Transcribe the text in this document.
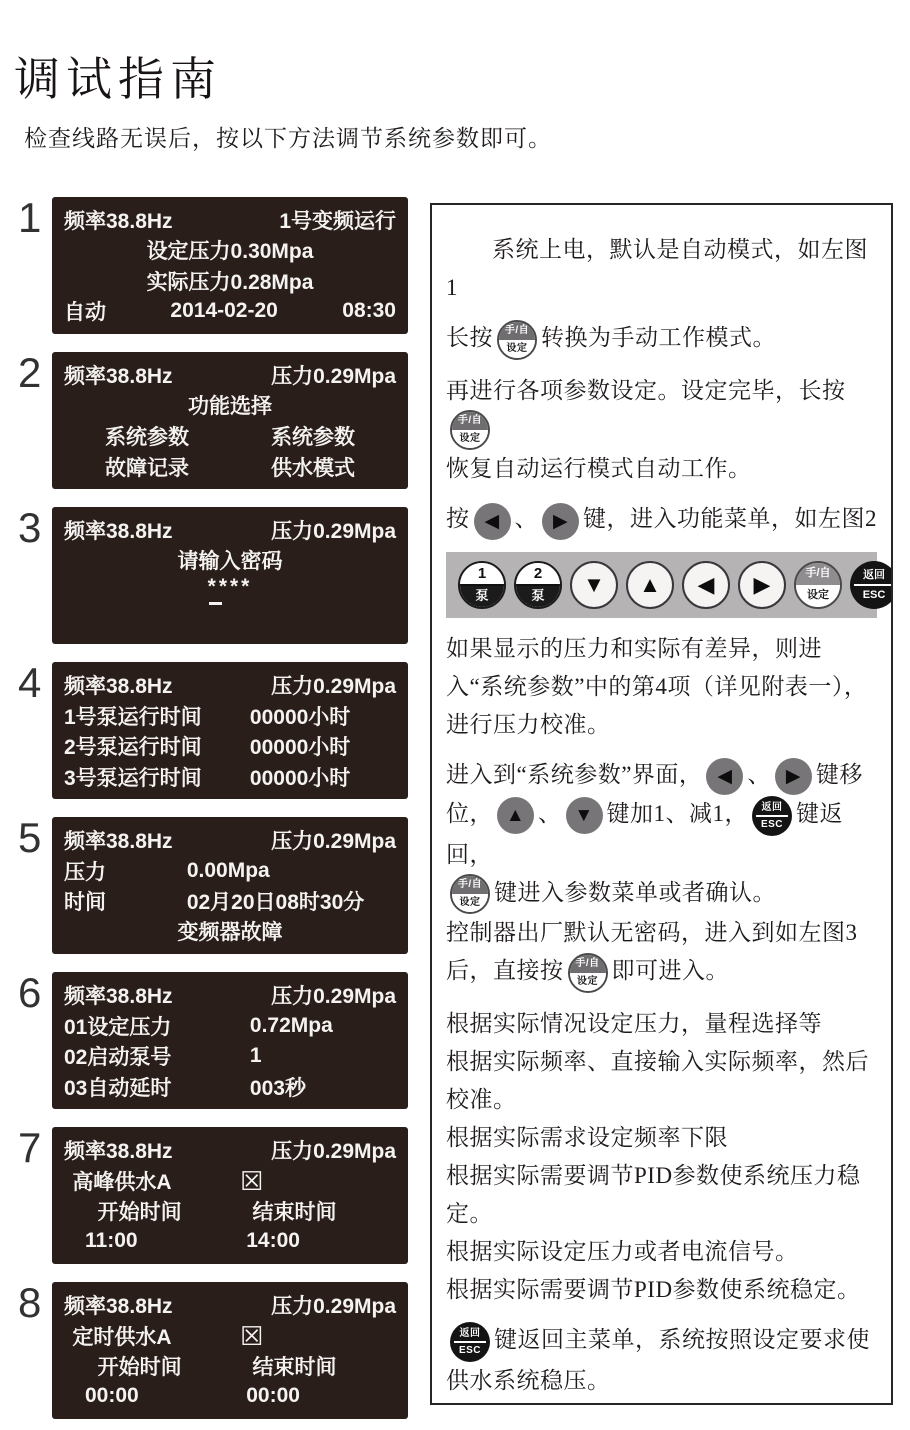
调试指南
检查线路无误后，按以下方法调节系统参数即可。
1	频率38.8Hz	1号变频运行
设定压力0.30Mpa
实际压力0.28Mpa
自动	2014-02-20	08:30
2	频率38.8Hz	压力0.29Mpa
功能选择
系统参数	系统参数
故障记录	供水模式
3	频率38.8Hz	压力0.29Mpa
请输入密码
****
4	频率38.8Hz	压力0.29Mpa
1号泵运行时间	00000小时
2号泵运行时间	00000小时
3号泵运行时间	00000小时
5	频率38.8Hz	压力0.29Mpa
压力	0.00Mpa
时间	02月20日08时30分
变频器故障
6	频率38.8Hz	压力0.29Mpa
01设定压力	0.72Mpa
02启动泵号	1
03自动延时	003秒
7	频率38.8Hz	压力0.29Mpa
高峰供水A	☒
开始时间	结束时间
11:00	14:00
8	频率38.8Hz	压力0.29Mpa
定时供水A	☒
开始时间	结束时间
00:00	00:00

系统上电，默认是自动模式，如左图
1

长按	手/自
设定 转换为手动工作模式。

再进行各项参数设定。设定完毕，长按
手/自
设定

恢复自动运行模式自动工作。

按 ◀ 、 ▶ 键，进入功能菜单，如左图2

1
泵
2
泵	▼	▲	◀	▶	手/自
设定
返回
ESC

如果显示的压力和实际有差异，则进入“系统参数”中的第4项（详见附表一），进行压力校准。

进入到“系统参数”界面， ◀ 、 ▶ 键移
位， ▲ 、 ▼ 键加1、减1，	返回
ESC 键返回，

手/自
设定 键进入参数菜单或者确认。
控制器出厂默认无密码，进入到如左图3
后，直接按	手/自
设定 即可进入。

根据实际情况设定压力，量程选择等
根据实际频率、直接输入实际频率，然后校准。
根据实际需求设定频率下限
根据实际需要调节PID参数使系统压力稳定。
根据实际设定压力或者电流信号。
根据实际需要调节PID参数使系统稳定。

返回
ESC 键返回主菜单，系统按照设定要求使供水系统稳压。
